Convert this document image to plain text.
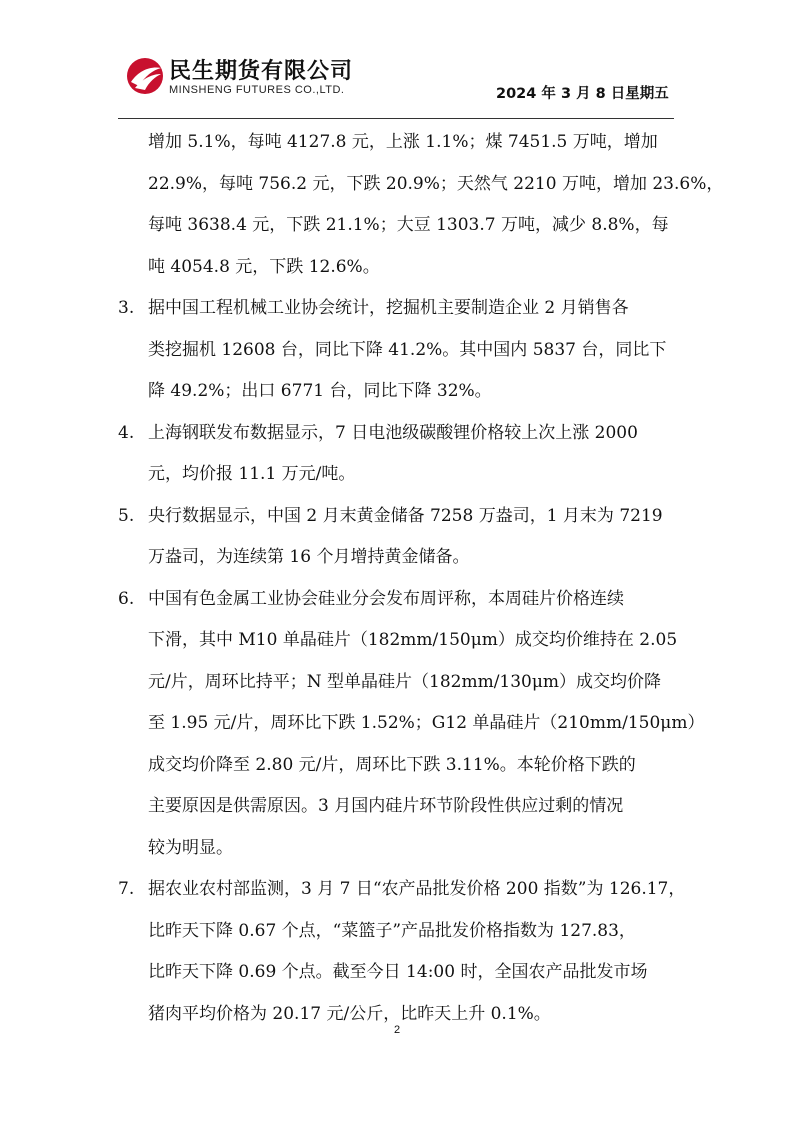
民生期货有限公司
MINSHENG FUTURES CO.,LTD.	2024 年 3 月 8 日星期五
增加 5.1%，每吨 4127.8 元，上涨 1.1%；煤 7451.5 万吨，增加
22.9%，每吨 756.2 元，下跌 20.9%；天然气 2210 万吨，增加 23.6%，
每吨 3638.4 元，下跌 21.1%；大豆 1303.7 万吨，减少 8.8%，每
吨 4054.8 元，下跌 12.6%。
3. 据中国工程机械工业协会统计，挖掘机主要制造企业 2 月销售各
类挖掘机 12608 台，同比下降 41.2%。其中国内 5837 台，同比下
降 49.2%；出口 6771 台，同比下降 32%。
4. 上海钢联发布数据显示，7 日电池级碳酸锂价格较上次上涨 2000
元，均价报 11.1 万元/吨。
5. 央行数据显示，中国 2 月末黄金储备 7258 万盎司，1 月末为 7219
万盎司，为连续第 16 个月增持黄金储备。
6. 中国有色金属工业协会硅业分会发布周评称，本周硅片价格连续
下滑，其中 M10 单晶硅片（182mm/150μm）成交均价维持在 2.05
元/片，周环比持平；N 型单晶硅片（182mm/130μm）成交均价降
至 1.95 元/片，周环比下跌 1.52%；G12 单晶硅片（210mm/150μm）
成交均价降至 2.80 元/片，周环比下跌 3.11%。本轮价格下跌的
主要原因是供需原因。3 月国内硅片环节阶段性供应过剩的情况
较为明显。
7. 据农业农村部监测，3 月 7 日“农产品批发价格 200 指数”为 126.17，
比昨天下降 0.67 个点，“菜篮子”产品批发价格指数为 127.83，
比昨天下降 0.69 个点。截至今日 14:00 时，全国农产品批发市场
猪肉平均价格为 20.17 元/公斤，比昨天上升 0.1%。
2
